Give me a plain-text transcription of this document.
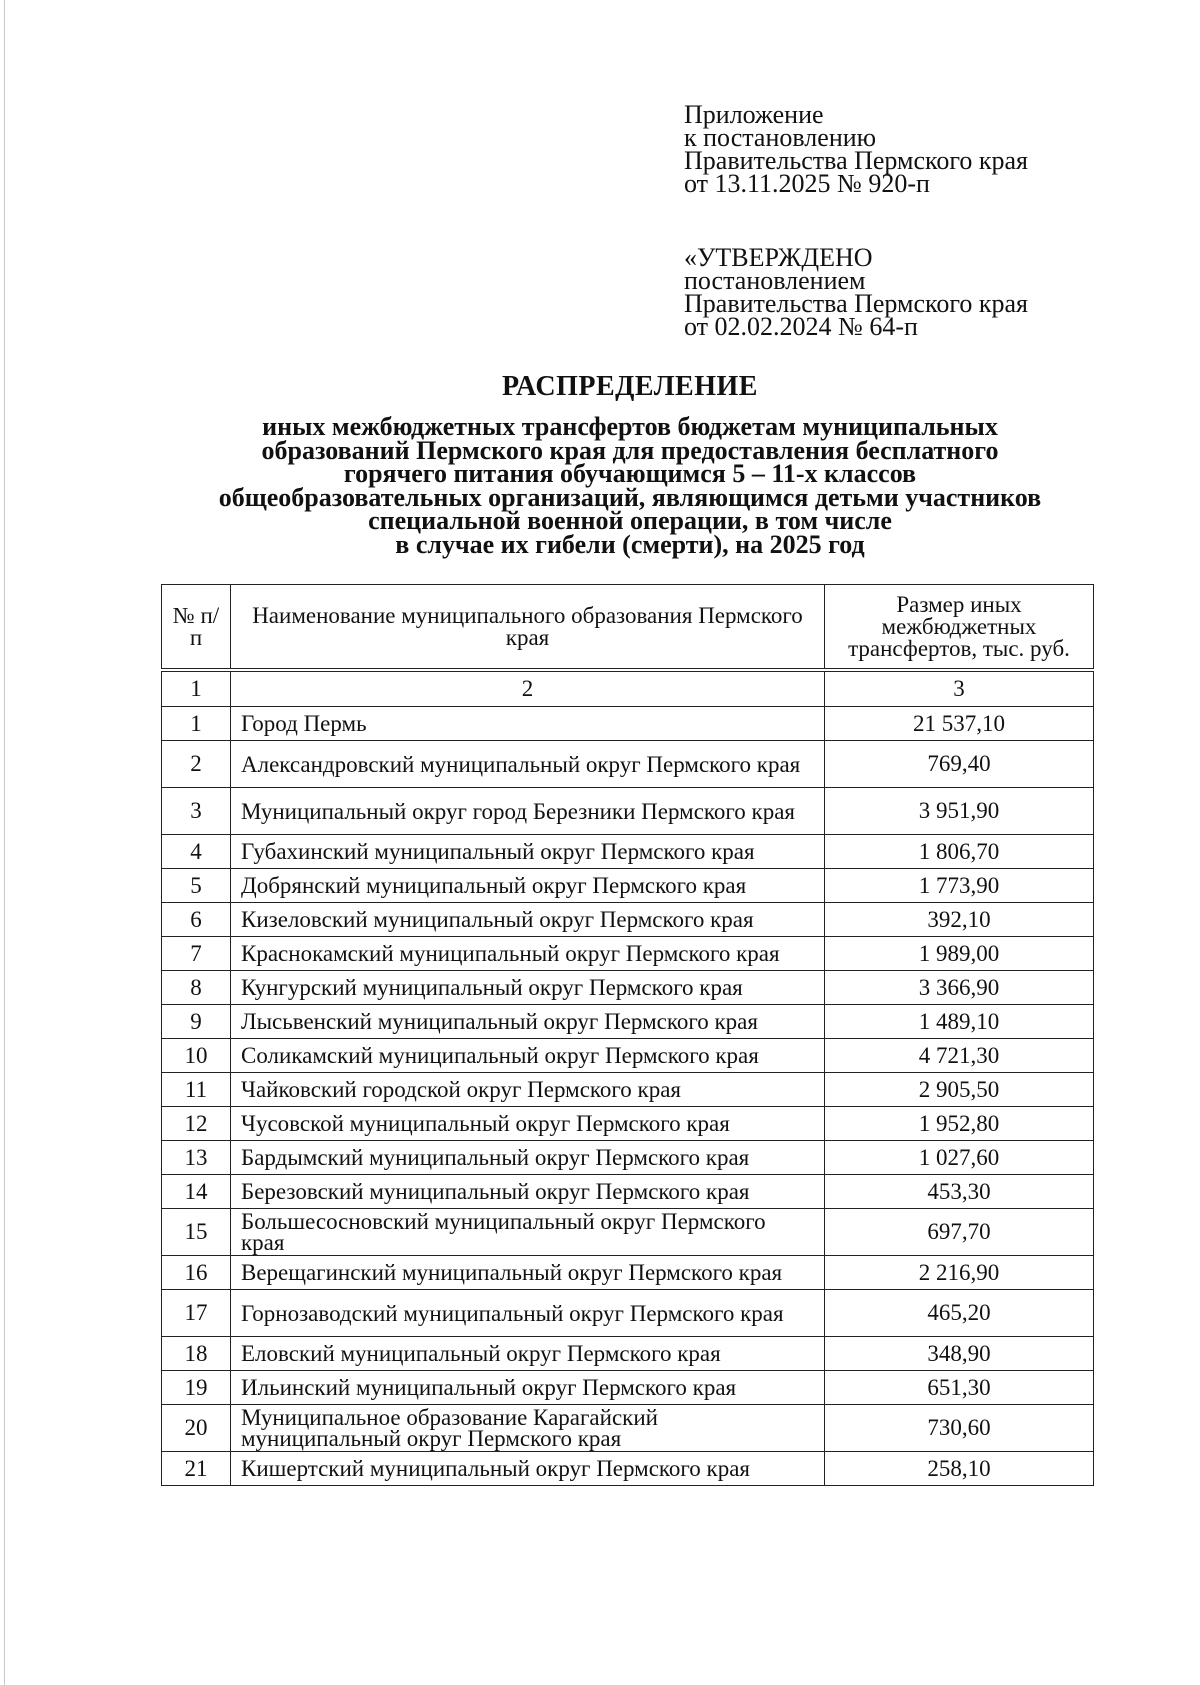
Приложение
к постановлению
Правительства Пермского края
от 13.11.2025 № 920-п
«УТВЕРЖДЕНО
постановлением
Правительства Пермского края
от 02.02.2024 № 64-п
РАСПРЕДЕЛЕНИЕ
иных межбюджетных трансфертов бюджетам муниципальных
образований Пермского края для предоставления бесплатного
горячего питания обучающимся 5 – 11-х классов
общеобразовательных организаций, являющимся детьми участников
специальной военной операции, в том числе
в случае их гибели (смерти), на 2025 год
№ п/п	Наименование муниципального образования Пермского края	Размер иных межбюджетных трансфертов, тыс. руб.
1	2	3
1	Город Пермь	21 537,10
2	Александровский муниципальный округ Пермского края	769,40
3	Муниципальный округ город Березники Пермского края	3 951,90
4	Губахинский муниципальный округ Пермского края	1 806,70
5	Добрянский муниципальный округ Пермского края	1 773,90
6	Кизеловский муниципальный округ Пермского края	392,10
7	Краснокамский муниципальный округ Пермского края	1 989,00
8	Кунгурский муниципальный округ Пермского края	3 366,90
9	Лысьвенский муниципальный округ Пермского края	1 489,10
10	Соликамский муниципальный округ Пермского края	4 721,30
11	Чайковский городской округ Пермского края	2 905,50
12	Чусовской муниципальный округ Пермского края	1 952,80
13	Бардымский муниципальный округ Пермского края	1 027,60
14	Березовский муниципальный округ Пермского края	453,30
15	Большесосновский муниципальный округ Пермского края	697,70
16	Верещагинский муниципальный округ Пермского края	2 216,90
17	Горнозаводский муниципальный округ Пермского края	465,20
18	Еловский муниципальный округ Пермского края	348,90
19	Ильинский муниципальный округ Пермского края	651,30
20	Муниципальное образование Карагайский муниципальный округ Пермского края	730,60
21	Кишертский муниципальный округ Пермского края	258,10
